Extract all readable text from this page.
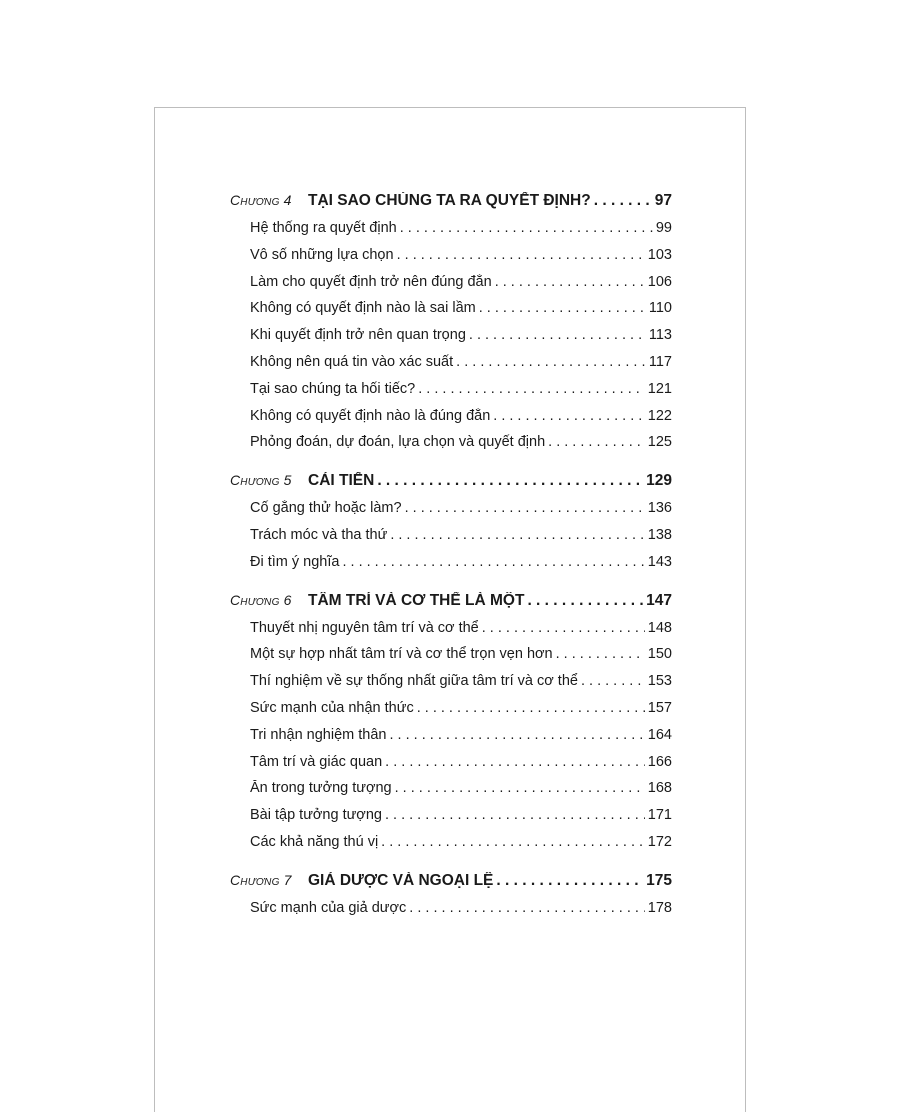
Chương 4	TẠI SAO CHÚNG TA RA QUYẾT ĐỊNH? . . .	97
Hệ thống ra quyết định . . .	99
Vô số những lựa chọn . . .	103
Làm cho quyết định trở nên đúng đắn . . .	106
Không có quyết định nào là sai lầm . . .	110
Khi quyết định trở nên quan trọng . . .	113
Không nên quá tin vào xác suất . . .	117
Tại sao chúng ta hối tiếc? . . .	121
Không có quyết định nào là đúng đắn . . .	122
Phỏng đoán, dự đoán, lựa chọn và quyết định . . .	125
Chương 5	CẢI TIẾN . . .	129
Cố gắng thử hoặc làm? . . .	136
Trách móc và tha thứ . . .	138
Đi tìm ý nghĩa . . .	143
Chương 6	TÂM TRÍ VÀ CƠ THỂ LÀ MỘT . . .	147
Thuyết nhị nguyên tâm trí và cơ thể . . .	148
Một sự hợp nhất tâm trí và cơ thể trọn vẹn hơn . . .	150
Thí nghiệm về sự thống nhất giữa tâm trí và cơ thể . . .	153
Sức mạnh của nhận thức . . .	157
Tri nhận nghiệm thân . . .	164
Tâm trí và giác quan . . .	166
Ăn trong tưởng tượng . . .	168
Bài tập tưởng tượng . . .	171
Các khả năng thú vị . . .	172
Chương 7	GIẢ DƯỢC VÀ NGOẠI LỆ . . .	175
Sức mạnh của giả dược . . .	178
